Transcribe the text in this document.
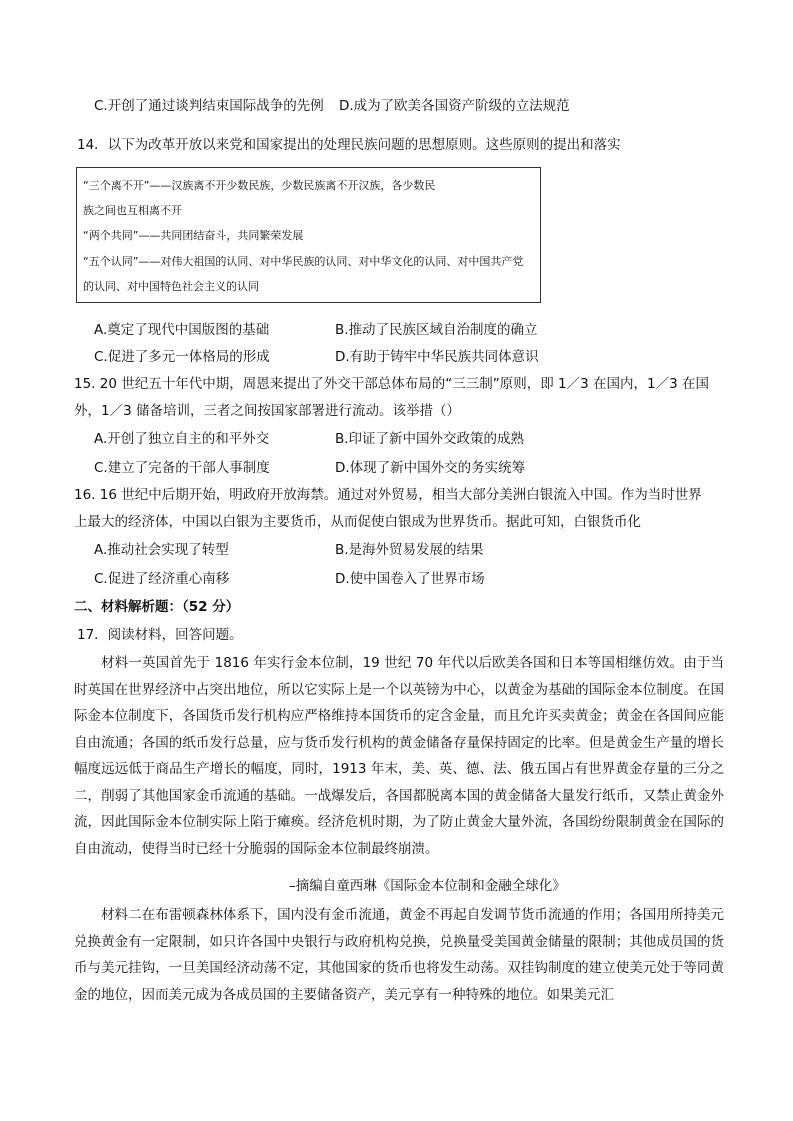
C.开创了通过谈判结束国际战争的先例 D.成为了欧美各国资产阶级的立法规范
14．以下为改革开放以来党和国家提出的处理民族问题的思想原则。这些原则的提出和落实
“三个离不开”——汉族离不开少数民族，少数民族离不开汉族，各少数民
族之间也互相离不开
“两个共同”——共同团结奋斗，共同繁荣发展
“五个认同”——对伟大祖国的认同、对中华民族的认同、对中华文化的认同、对中国共产党
的认同、对中国特色社会主义的认同
A.奠定了现代中国版图的基础	B.推动了民族区域自治制度的确立
C.促进了多元一体格局的形成	D.有助于铸牢中华民族共同体意识
15. 20 世纪五十年代中期，周恩来提出了外交干部总体布局的“三三制”原则，即 1／3 在国内，1／3 在国
外，1／3 储备培训，三者之间按国家部署进行流动。该举措（）
A.开创了独立自主的和平外交	B.印证了新中国外交政策的成熟
C.建立了完备的干部人事制度	D.体现了新中国外交的务实统筹
16. 16 世纪中后期开始，明政府开放海禁。通过对外贸易，相当大部分美洲白银流入中国。作为当时世界
上最大的经济体，中国以白银为主要货币，从而促使白银成为世界货币。据此可知，白银货币化
A.推动社会实现了转型	B.是海外贸易发展的结果
C.促进了经济重心南移	D.使中国卷入了世界市场
二、材料解析题：（52 分）
17．阅读材料，回答问题。
材料一英国首先于 1816 年实行金本位制，19 世纪 70 年代以后欧美各国和日本等国相继仿效。由于当时英国在世界经济中占突出地位，所以它实际上是一个以英镑为中心，以黄金为基础的国际金本位制度。在国际金本位制度下，各国货币发行机构应严格维持本国货币的定含金量，而且允许买卖黄金；黄金在各国间应能自由流通；各国的纸币发行总量，应与货币发行机构的黄金储备存量保持固定的比率。但是黄金生产量的增长幅度远远低于商品生产增长的幅度，同时，1913 年末，美、英、德、法、俄五国占有世界黄金存量的三分之二，削弱了其他国家金币流通的基础。一战爆发后，各国都脱离本国的黄金储备大量发行纸币，又禁止黄金外流，因此国际金本位制实际上陷于瘫痪。经济危机时期，为了防止黄金大量外流，各国纷纷限制黄金在国际的自由流动，使得当时已经十分脆弱的国际金本位制最终崩溃。
–摘编自童西琳《国际金本位制和金融全球化》
材料二在布雷顿森林体系下，国内没有金币流通，黄金不再起自发调节货币流通的作用；各国用所持美元兑换黄金有一定限制，如只许各国中央银行与政府机构兑换，兑换量受美国黄金储量的限制；其他成员国的货币与美元挂钩，一旦美国经济动荡不定，其他国家的货币也将发生动荡。双挂钩制度的建立使美元处于等同黄金的地位，因而美元成为各成员国的主要储备资产，美元享有一种特殊的地位。如果美元汇
